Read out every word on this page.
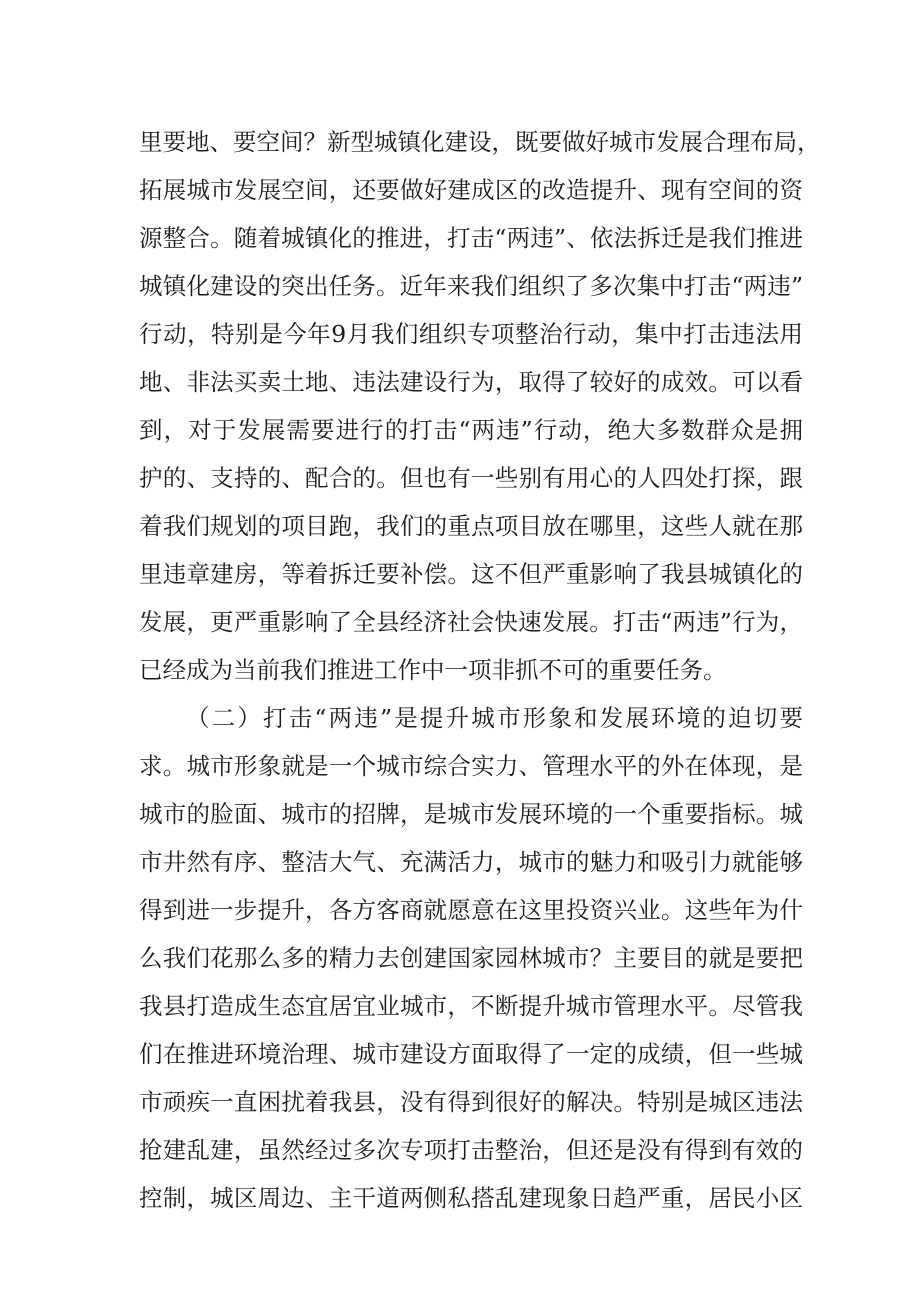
里要地、要空间？新型城镇化建设，既要做好城市发展合理布局，
拓展城市发展空间，还要做好建成区的改造提升、现有空间的资
源整合。随着城镇化的推进，打击“两违”、依法拆迁是我们推进
城镇化建设的突出任务。近年来我们组织了多次集中打击“两违”
行动，特别是今年9月我们组织专项整治行动，集中打击违法用
地、非法买卖土地、违法建设行为，取得了较好的成效。可以看
到，对于发展需要进行的打击“两违”行动，绝大多数群众是拥
护的、支持的、配合的。但也有一些别有用心的人四处打探，跟
着我们规划的项目跑，我们的重点项目放在哪里，这些人就在那
里违章建房，等着拆迁要补偿。这不但严重影响了我县城镇化的
发展，更严重影响了全县经济社会快速发展。打击“两违”行为，
已经成为当前我们推进工作中一项非抓不可的重要任务。
（二）打击“两违”是提升城市形象和发展环境的迫切要
求。城市形象就是一个城市综合实力、管理水平的外在体现，是
城市的脸面、城市的招牌，是城市发展环境的一个重要指标。城
市井然有序、整洁大气、充满活力，城市的魅力和吸引力就能够
得到进一步提升，各方客商就愿意在这里投资兴业。这些年为什
么我们花那么多的精力去创建国家园林城市？主要目的就是要把
我县打造成生态宜居宜业城市，不断提升城市管理水平。尽管我
们在推进环境治理、城市建设方面取得了一定的成绩，但一些城
市顽疾一直困扰着我县，没有得到很好的解决。特别是城区违法
抢建乱建，虽然经过多次专项打击整治，但还是没有得到有效的
控制，城区周边、主干道两侧私搭乱建现象日趋严重，居民小区
